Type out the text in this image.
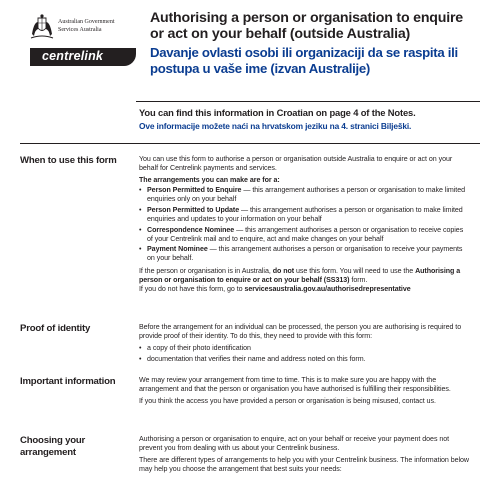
Australian Government
Services Australia
centrelink
Authorising a person or organisation to enquire or act on your behalf (outside Australia)
Davanje ovlasti osobi ili organizaciji da se raspita ili postupa u vaše ime (izvan Australije)
You can find this information in Croatian on page 4 of the Notes.
Ove informacije možete naći na hrvatskom jeziku na 4. stranici Bilješki.
When to use this form	You can use this form to authorise a person or organisation outside Australia to enquire or act on your behalf for Centrelink payments and services.

The arrangements you can make are for a:

• Person Permitted to Enquire — this arrangement authorises a person or organisation to make limited enquiries only on your behalf
• Person Permitted to Update — this arrangement authorises a person or organisation to make limited enquiries and updates to your information on your behalf
• Correspondence Nominee — this arrangement authorises a person or organisation to receive copies of your Centrelink mail and to enquire, act and make changes on your behalf
• Payment Nominee — this arrangement authorises a person or organisation to receive your payments on your behalf.

If the person or organisation is in Australia, do not use this form. You will need to use the Authorising a person or organisation to enquire or act on your behalf (SS313) form.
If you do not have this form, go to servicesaustralia.gov.au/authorisedrepresentative

Proof of identity	Before the arrangement for an individual can be processed, the person you are authorising is required to provide proof of their identity. To do this, they need to provide with this form:

• a copy of their photo identification
• documentation that verifies their name and address noted on this form.
Important information	We may review your arrangement from time to time. This is to make sure you are happy with the arrangement and that the person or organisation you have authorised is fulfilling their responsibilities.

If you think the access you have provided a person or organisation is being misused, contact us.

Choosing your arrangement

Authorising a person or organisation to enquire, act on your behalf or receive your payment does not prevent you from dealing with us about your Centrelink business.

There are different types of arrangements to help you with your Centrelink business. The information below may help you choose the arrangement that best suits your needs:
